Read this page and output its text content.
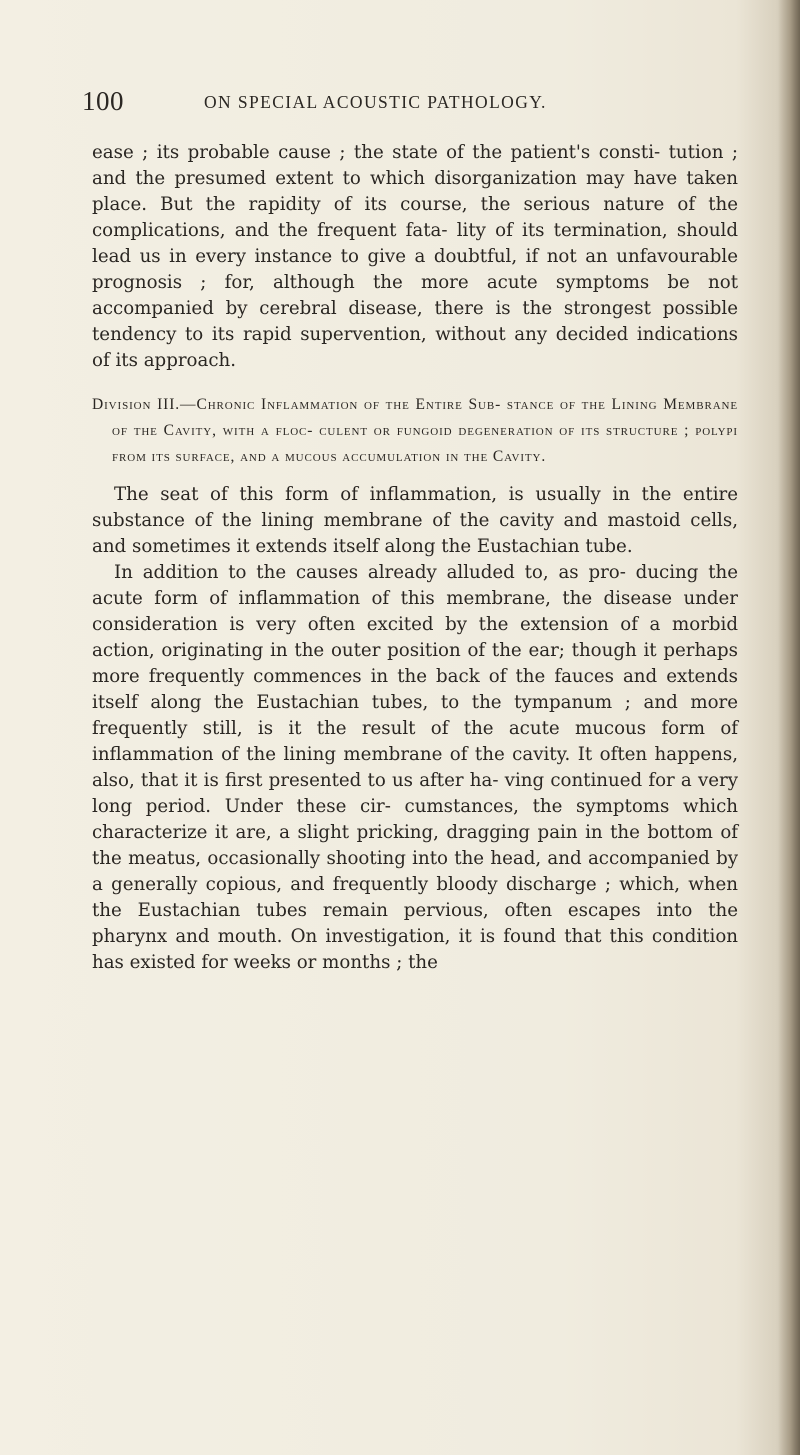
100	ON SPECIAL ACOUSTIC PATHOLOGY.

ease ; its probable cause ; the state of the patient's consti- tution ; and the presumed extent to which disorganization may have taken place. But the rapidity of its course, the serious nature of the complications, and the frequent fata- lity of its termination, should lead us in every instance to give a doubtful, if not an unfavourable prognosis ; for, although the more acute symptoms be not accompanied by cerebral disease, there is the strongest possible tendency to its rapid supervention, without any decided indications of its approach.

Division III.—Chronic Inflammation of the Entire Sub- stance of the Lining Membrane of the Cavity, with a floc- culent or fungoid degeneration of its structure ; polypi from its surface, and a mucous accumulation in the Cavity.

The seat of this form of inflammation, is usually in the entire substance of the lining membrane of the cavity and mastoid cells, and sometimes it extends itself along the Eustachian tube.

In addition to the causes already alluded to, as pro- ducing the acute form of inflammation of this membrane, the disease under consideration is very often excited by the extension of a morbid action, originating in the outer position of the ear; though it perhaps more frequently commences in the back of the fauces and extends itself along the Eustachian tubes, to the tympanum ; and more frequently still, is it the result of the acute mucous form of inflammation of the lining membrane of the cavity. It often happens, also, that it is first presented to us after ha- ving continued for a very long period. Under these cir- cumstances, the symptoms which characterize it are, a slight pricking, dragging pain in the bottom of the meatus, occasionally shooting into the head, and accompanied by a generally copious, and frequently bloody discharge ; which, when the Eustachian tubes remain pervious, often escapes into the pharynx and mouth. On investigation, it is found that this condition has existed for weeks or months ; the
